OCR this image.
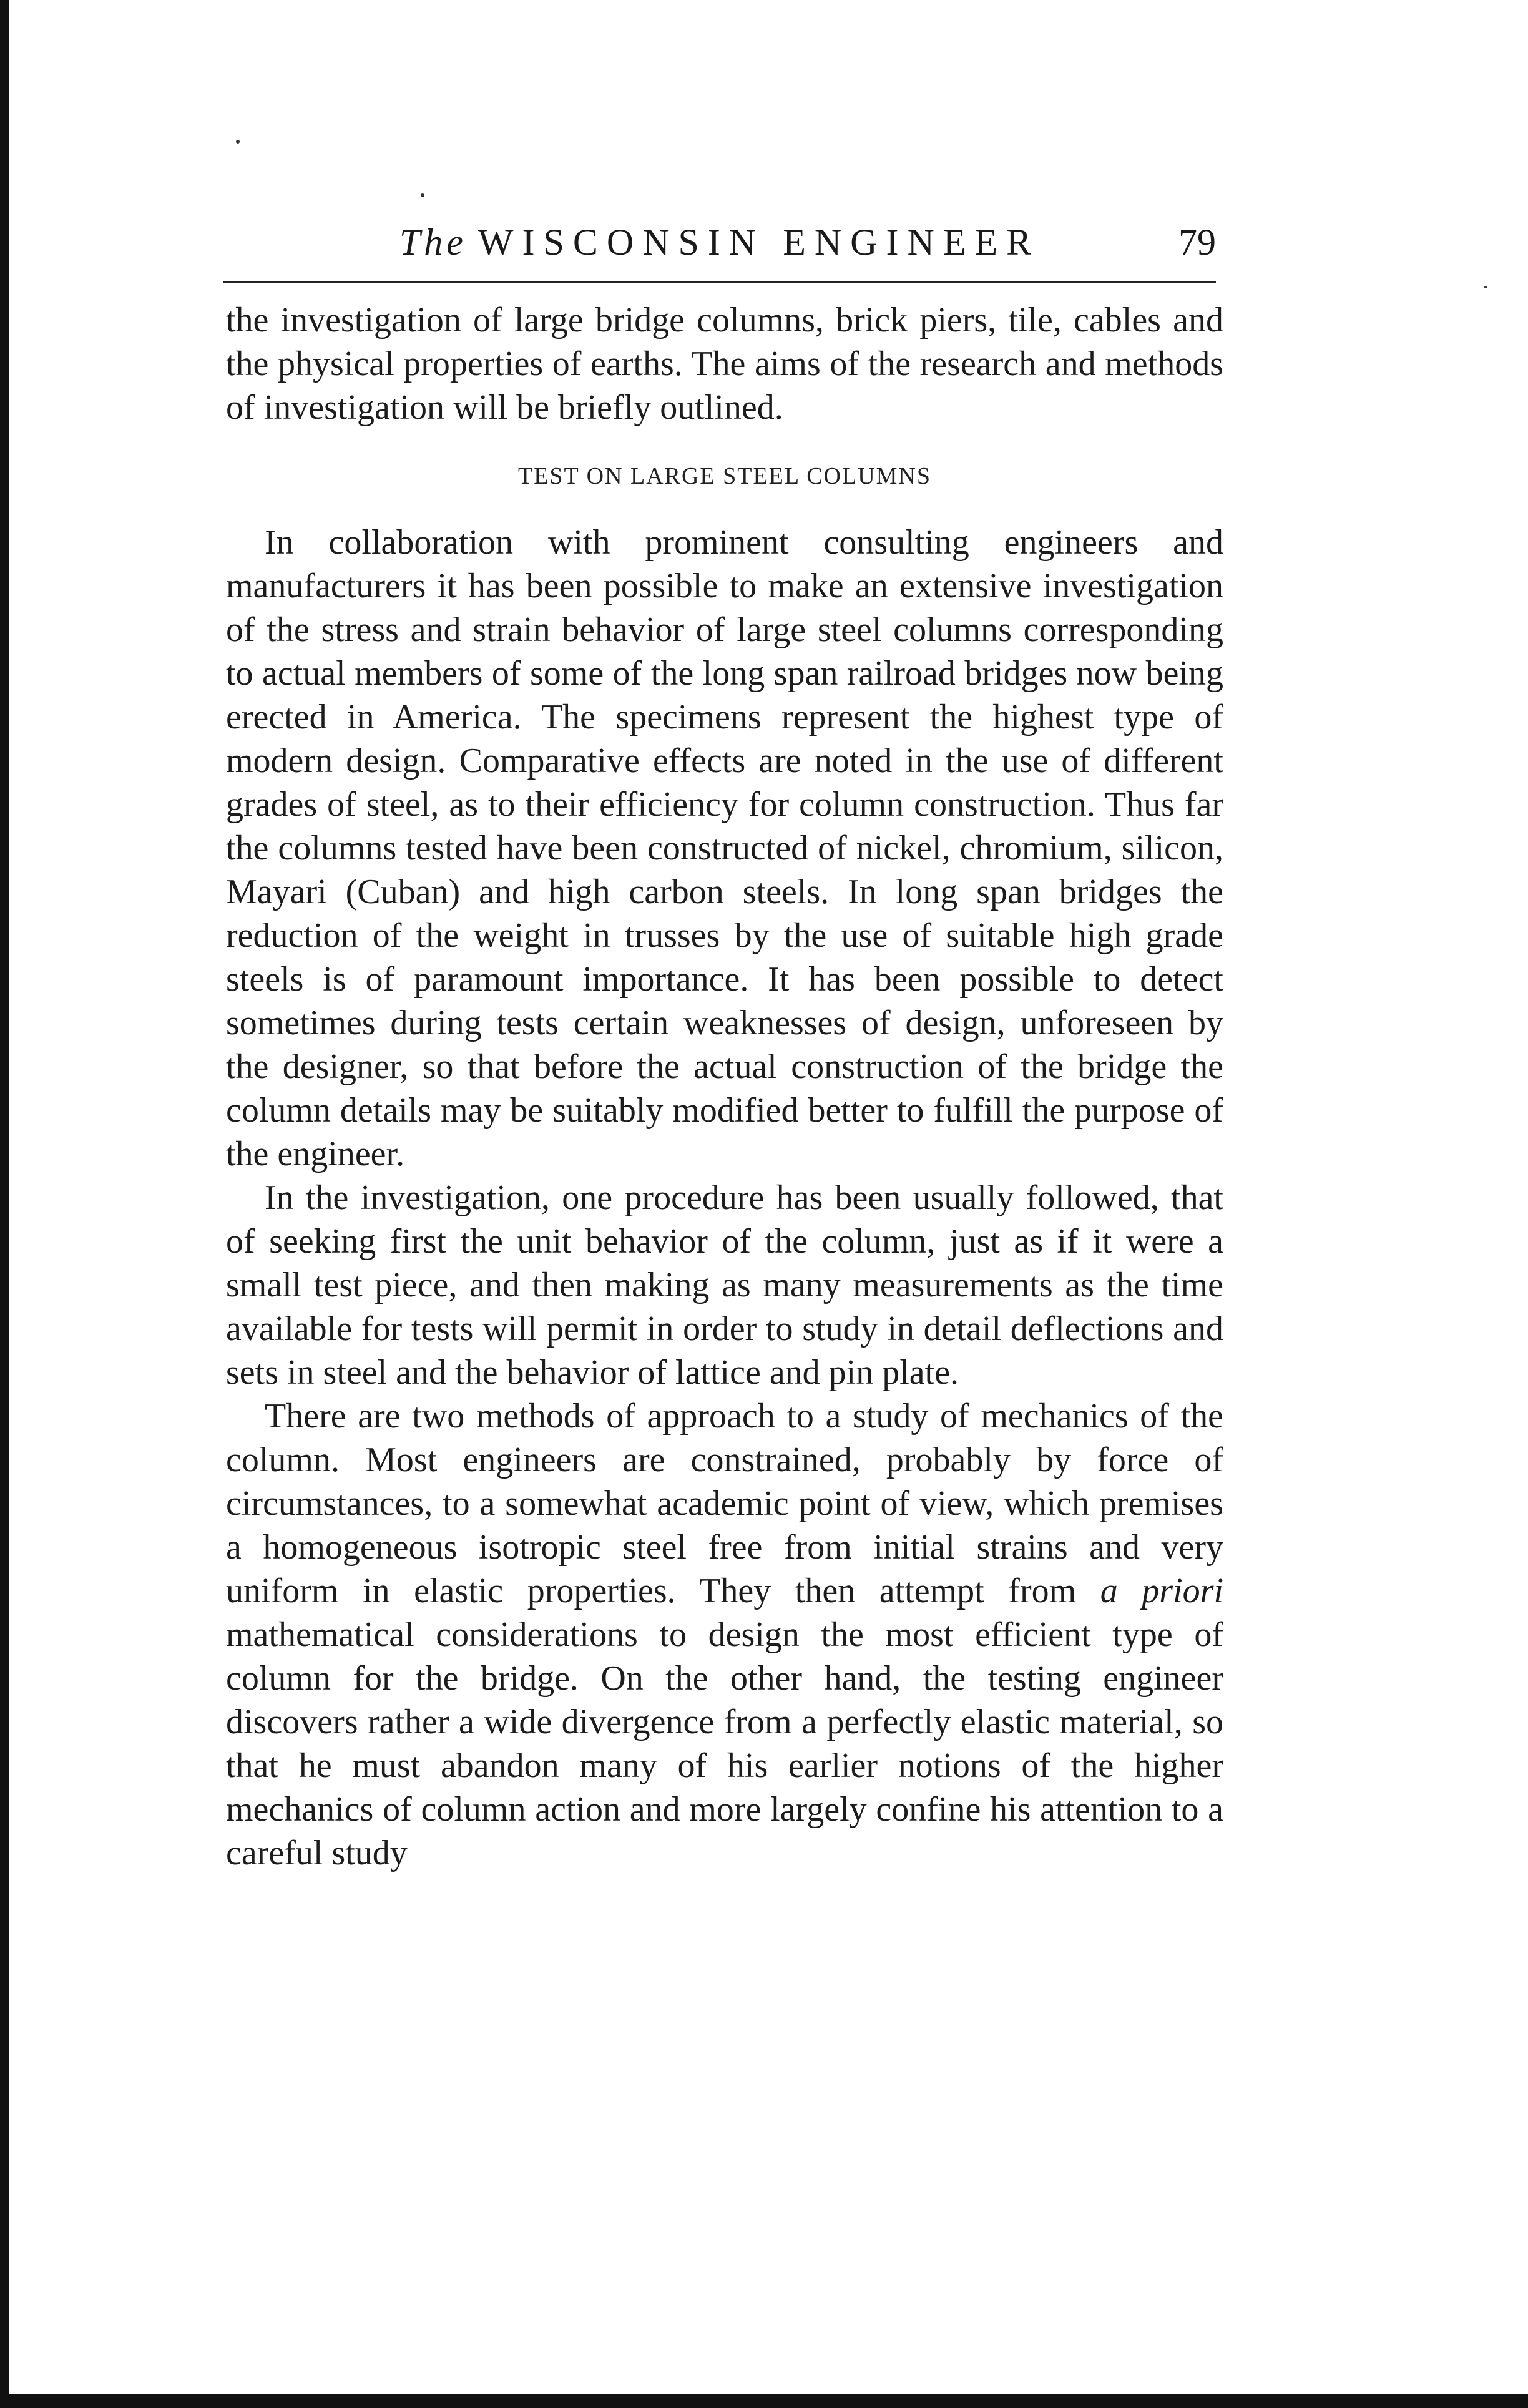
The WISCONSIN ENGINEER	79

the investigation of large bridge columns, brick piers, tile, cables and the physical properties of earths. The aims of the research and methods of investigation will be briefly outlined.

TEST ON LARGE STEEL COLUMNS

In collaboration with prominent consulting engineers and manufacturers it has been possible to make an extensive investigation of the stress and strain behavior of large steel columns corresponding to actual members of some of the long span railroad bridges now being erected in America. The specimens represent the highest type of modern design. Comparative effects are noted in the use of different grades of steel, as to their efficiency for column construction. Thus far the columns tested have been constructed of nickel, chromium, silicon, Mayari (Cuban) and high carbon steels. In long span bridges the reduction of the weight in trusses by the use of suitable high grade steels is of paramount importance. It has been possible to detect sometimes during tests certain weaknesses of design, unforeseen by the designer, so that before the actual construction of the bridge the column details may be suitably modified better to fulfill the purpose of the engineer.

In the investigation, one procedure has been usually followed, that of seeking first the unit behavior of the column, just as if it were a small test piece, and then making as many measurements as the time available for tests will permit in order to study in detail deflections and sets in steel and the behavior of lattice and pin plate.

There are two methods of approach to a study of mechanics of the column. Most engineers are constrained, probably by force of circumstances, to a somewhat academic point of view, which premises a homogeneous isotropic steel free from initial strains and very uniform in elastic properties. They then attempt from a priori mathematical considerations to design the most efficient type of column for the bridge. On the other hand, the testing engineer discovers rather a wide divergence from a perfectly elastic material, so that he must abandon many of his earlier notions of the higher mechanics of column action and more largely confine his attention to a careful study
